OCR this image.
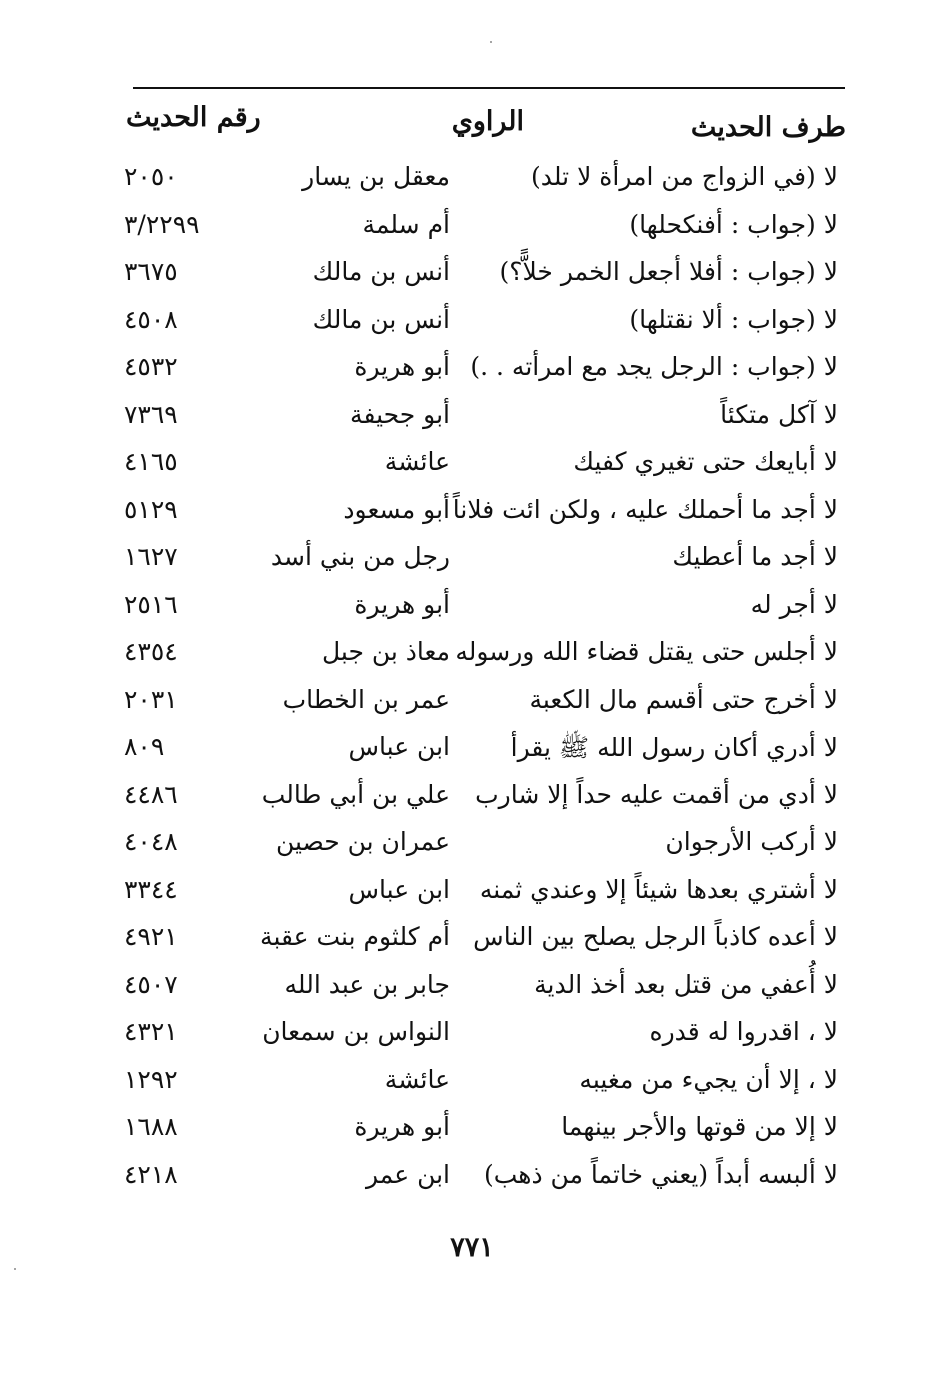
طرف الحديث
الراوي
رقم الحديث
لا (في الزواج من امرأة لا تلد)
معقل بن يسار
٢٠٥٠
لا (جواب : أفنكحلها)
أم سلمة
٣/٢٢٩٩
لا (جواب : أفلا أجعل الخمر خلاًّ؟)
أنس بن مالك
٣٦٧٥
لا (جواب : ألا نقتلها)
أنس بن مالك
٤٥٠٨
لا (جواب : الرجل يجد مع امرأته . .)
أبو هريرة
٤٥٣٢
لا آكل متكئاً
أبو جحيفة
٧٣٦٩
لا أبايعك حتى تغيري كفيك
عائشة
٤١٦٥
لا أجد ما أحملك عليه ، ولكن ائت فلاناً
أبو مسعود
٥١٢٩
لا أجد ما أعطيك
رجل من بني أسد
١٦٢٧
لا أجر له
أبو هريرة
٢٥١٦
لا أجلس حتى يقتل قضاء الله ورسوله
معاذ بن جبل
٤٣٥٤
لا أخرج حتى أقسم مال الكعبة
عمر بن الخطاب
٢٠٣١
لا أدري أكان رسول الله ﷺ يقرأ
ابن عباس
٨٠٩
لا أدي من أقمت عليه حداً إلا شارب
علي بن أبي طالب
٤٤٨٦
لا أركب الأرجوان
عمران بن حصين
٤٠٤٨
لا أشتري بعدها شيئاً إلا وعندي ثمنه
ابن عباس
٣٣٤٤
لا أعده كاذباً الرجل يصلح بين الناس
أم كلثوم بنت عقبة
٤٩٢١
لا أُعفي من قتل بعد أخذ الدية
جابر بن عبد الله
٤٥٠٧
لا ، اقدروا له قدره
النواس بن سمعان
٤٣٢١
لا ، إلا أن يجيء من مغيبه
عائشة
١٢٩٢
لا إلا من قوتها والأجر بينهما
أبو هريرة
١٦٨٨
لا ألبسه أبداً (يعني خاتماً من ذهب)
ابن عمر
٤٢١٨
٧٧١
